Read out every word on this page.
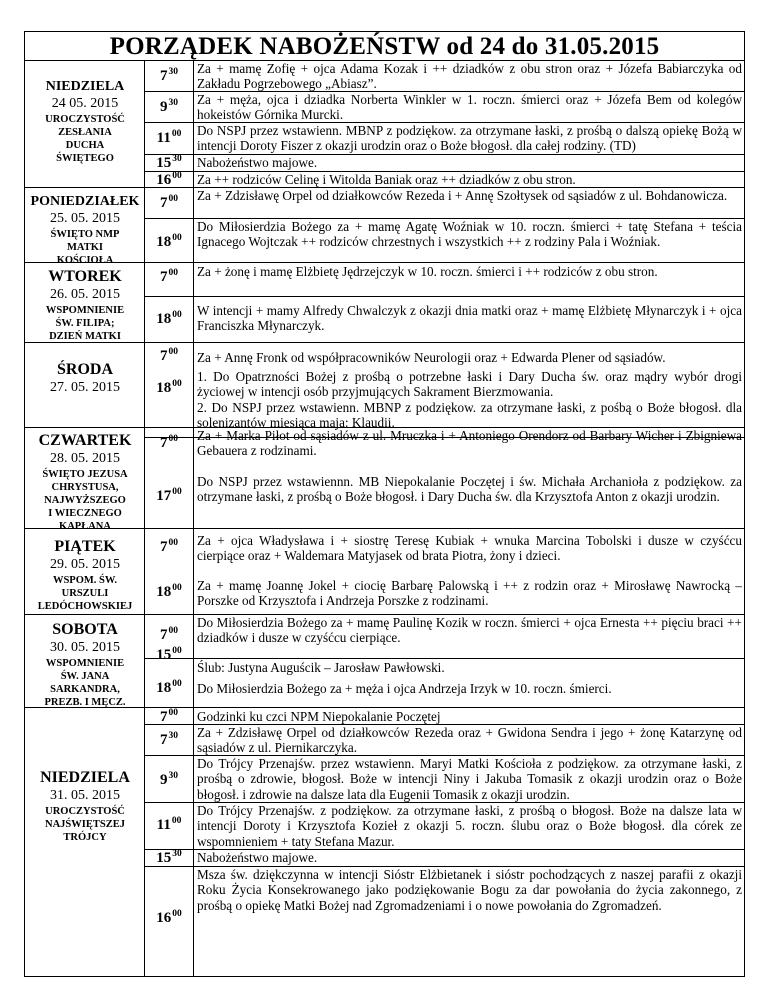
PORZĄDEK NABOŻEŃSTW od 24 do 31.05.2015
NIEDZIELA
24 05. 2015
UROCZYSTOŚĆ
ZESŁANIA
DUCHA
ŚWIĘTEGO
PONIEDZIAŁEK
25. 05. 2015
ŚWIĘTO NMP
MATKI
KOŚCIOŁA
WTOREK
26. 05. 2015
WSPOMNIENIE
ŚW. FILIPA;
DZIEŃ MATKI
ŚRODA
27. 05. 2015
CZWARTEK
28. 05. 2015
ŚWIĘTO JEZUSA
CHRYSTUSA,
NAJWYŻSZEGO
I WIECZNEGO
KAPŁANA
PIĄTEK
29. 05. 2015
WSPOM. ŚW.
URSZULI
LEDÓCHOWSKIEJ
SOBOTA
30. 05. 2015
WSPOMNIENIE
ŚW. JANA
SARKANDRA,
PREZB. I MĘCZ.
NIEDZIELA
31. 05. 2015
UROCZYSTOŚĆ
NAJŚWIĘTSZEJ
TRÓJCY
$7^{30}$
$9^{30}$
$11^{00}$
$15^{30}$
$16^{00}$
$7^{00}$
$18^{00}$
$7^{00}$
$18^{00}$
$7^{00}$
$18^{00}$
$7^{00}$
$17^{00}$
$7^{00}$
$18^{00}$
$7^{00}$
$15^{00}$
$18^{00}$
$7^{00}$
$7^{30}$
$9^{30}$
$11^{00}$
$15^{30}$
$16^{00}$
Za + mamę Zofię + ojca Adama Kozak i ++ dziadków z obu stron oraz + Józefa Babiarczyka od Zakładu Pogrzebowego „Abiasz”.
Za + męża, ojca i dziadka Norberta Winkler w 1. roczn. śmierci oraz + Józefa Bem od kolegów hokeistów Górnika Murcki.
Do NSPJ przez wstawienn. MBNP z podziękow. za otrzymane łaski, z prośbą o dalszą opiekę Bożą w intencji Doroty Fiszer z okazji urodzin oraz o Boże błogosł. dla całej rodziny. (TD)
Nabożeństwo majowe.
Za ++ rodziców Celinę i Witolda Baniak oraz ++ dziadków z obu stron.
Za + Zdzisławę Orpel od działkowców Rezeda i + Annę Szołtysek od sąsiadów z ul. Bohdanowicza.
Do Miłosierdzia Bożego za + mamę Agatę Woźniak w 10. roczn. śmierci + tatę Stefana + teścia Ignacego Wojtczak ++ rodziców chrzestnych i wszystkich ++ z rodziny Pala i Woźniak.
Za + żonę i mamę Elżbietę Jędrzejczyk w 10. roczn. śmierci i ++ rodziców z obu stron.
W intencji + mamy Alfredy Chwalczyk z okazji dnia matki oraz + mamę Elżbietę Młynarczyk i + ojca Franciszka Młynarczyk.
Za + Annę Fronk od współpracowników Neurologii oraz + Edwarda Plener od sąsiadów.
1. Do Opatrzności Bożej z prośbą o potrzebne łaski i Dary Ducha św. oraz mądry wybór drogi życiowej w intencji osób przyjmujących Sakrament Bierzmowania.
2. Do NSPJ przez wstawienn. MBNP z podziękow. za otrzymane łaski, z pośbą o Boże błogosł. dla solenizantów miesiąca maja: Klaudii.
Za + Marka Piłot od sąsiadów z ul. Mruczka i + Antoniego Orendorz od Barbary Wicher i Zbigniewa Gebauera z rodzinami.
Do NSPJ przez wstawiennn. MB Niepokalanie Poczętej i św. Michała Archanioła z podziękow. za otrzymane łaski, z prośbą o Boże błogosł. i Dary Ducha św. dla Krzysztofa Anton z okazji urodzin.
Za + ojca Władysława i + siostrę Teresę Kubiak + wnuka Marcina Tobolski i dusze w czyśćcu cierpiące oraz + Waldemara Matyjasek od brata Piotra, żony i dzieci.
Za + mamę Joannę Jokel + ciocię Barbarę Palowską i ++ z rodzin oraz + Mirosławę Nawrocką – Porszke od Krzysztofa i Andrzeja Porszke z rodzinami.
Do Miłosierdzia Bożego za + mamę Paulinę Kozik w roczn. śmierci + ojca Ernesta ++ pięciu braci ++ dziadków i dusze w czyśćcu cierpiące.
Ślub: Justyna Auguścik – Jarosław Pawłowski.
Do Miłosierdzia Bożego za + męża i ojca Andrzeja Irzyk w 10. roczn. śmierci.
Godzinki ku czci NPM Niepokalanie Poczętej
Za + Zdzisławę Orpel od działkowców Rezeda oraz + Gwidona Sendra i jego + żonę Katarzynę od sąsiadów z ul. Piernikarczyka.
Do Trójcy Przenajśw. przez wstawienn. Maryi Matki Kościoła z podziękow. za otrzymane łaski, z prośbą o zdrowie, błogosł. Boże w intencji Niny i Jakuba Tomasik z okazji urodzin oraz o Boże błogosł. i zdrowie na dalsze lata dla Eugenii Tomasik z okazji urodzin.
Do Trójcy Przenajśw. z podziękow. za otrzymane łaski, z prośbą o błogosł. Boże na dalsze lata w intencji Doroty i Krzysztofa Kozieł z okazji 5. roczn. ślubu oraz o Boże błogosł. dla córek ze wspomnieniem + taty Stefana Mazur.
Nabożeństwo majowe.
Msza św. dziękczynna w intencji Sióstr Elżbietanek i sióstr pochodzących z naszej parafii z okazji Roku Życia Konsekrowanego jako podziękowanie Bogu za dar powołania do życia zakonnego, z prośbą o opiekę Matki Bożej nad Zgromadzeniami i o nowe powołania do Zgromadzeń.
